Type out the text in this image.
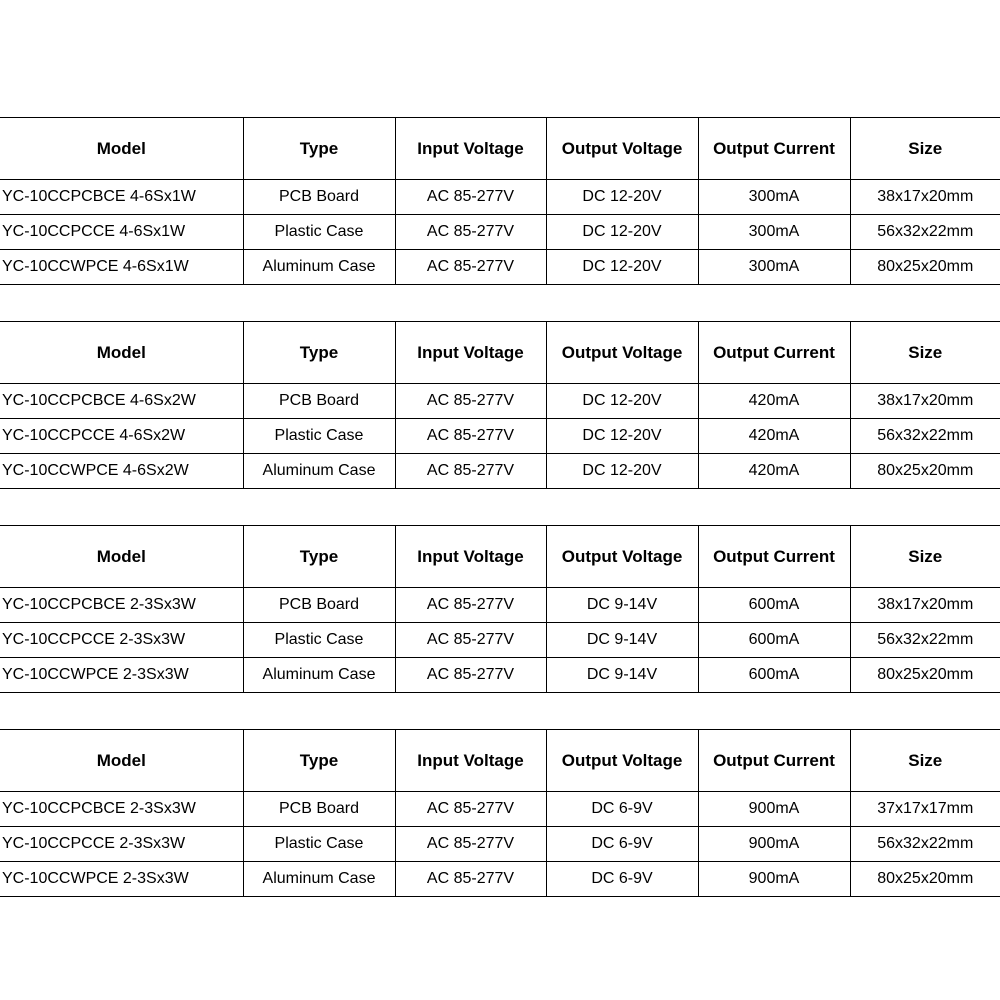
Model	Type	Input Voltage	Output Voltage	Output Current	Size
YC-10CCPCBCE 4-6Sx1W	PCB Board	AC 85-277V	DC 12-20V	300mA	38x17x20mm
YC-10CCPCCE 4-6Sx1W	Plastic Case	AC 85-277V	DC 12-20V	300mA	56x32x22mm
YC-10CCWPCE 4-6Sx1W	Aluminum Case	AC 85-277V	DC 12-20V	300mA	80x25x20mm
Model	Type	Input Voltage	Output Voltage	Output Current	Size
YC-10CCPCBCE 4-6Sx2W	PCB Board	AC 85-277V	DC 12-20V	420mA	38x17x20mm
YC-10CCPCCE 4-6Sx2W	Plastic Case	AC 85-277V	DC 12-20V	420mA	56x32x22mm
YC-10CCWPCE 4-6Sx2W	Aluminum Case	AC 85-277V	DC 12-20V	420mA	80x25x20mm
Model	Type	Input Voltage	Output Voltage	Output Current	Size
YC-10CCPCBCE 2-3Sx3W	PCB Board	AC 85-277V	DC 9-14V	600mA	38x17x20mm
YC-10CCPCCE 2-3Sx3W	Plastic Case	AC 85-277V	DC 9-14V	600mA	56x32x22mm
YC-10CCWPCE 2-3Sx3W	Aluminum Case	AC 85-277V	DC 9-14V	600mA	80x25x20mm
Model	Type	Input Voltage	Output Voltage	Output Current	Size
YC-10CCPCBCE 2-3Sx3W	PCB Board	AC 85-277V	DC 6-9V	900mA	37x17x17mm
YC-10CCPCCE 2-3Sx3W	Plastic Case	AC 85-277V	DC 6-9V	900mA	56x32x22mm
YC-10CCWPCE 2-3Sx3W	Aluminum Case	AC 85-277V	DC 6-9V	900mA	80x25x20mm
